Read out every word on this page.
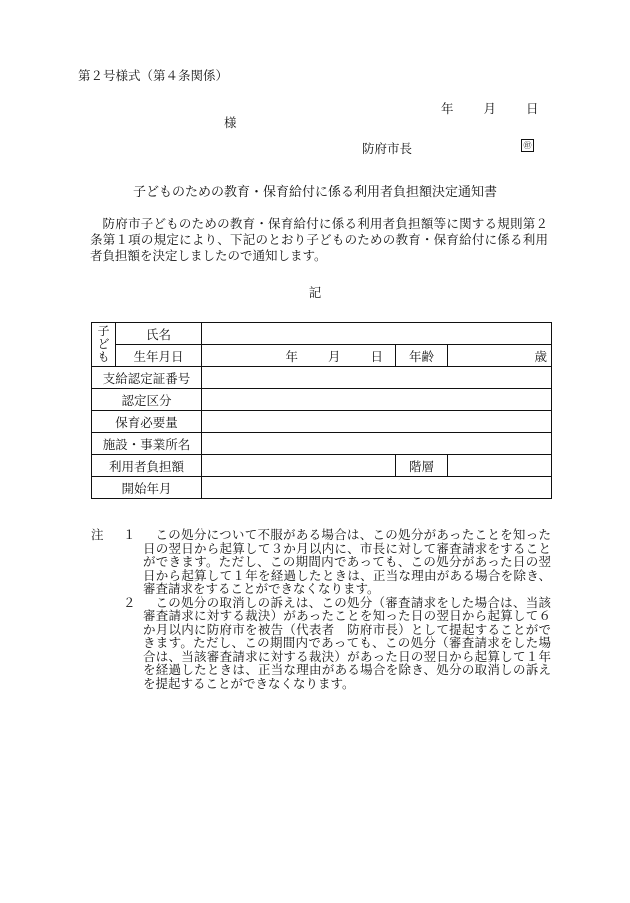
第２号様式（第４条関係）
年 月 日
様
防府市長	㊞
子どものための教育・保育給付に係る利用者負担額決定通知書
防府市子どものための教育・保育給付に係る利用者負担額等に関する規則第２条第１項の規定により、下記のとおり子どものための教育・保育給付に係る利用者負担額を決定しましたので通知します。
記
子ども	氏名			
	生年月日	年 月 日	年齢	歳
支給認定証番号				
認定区分				
保育必要量				
施設・事業所名				
利用者負担額			階層	
開始年月				
注	１	この処分について不服がある場合は、この処分があったことを知った日の翌日から起算して３か月以内に、市長に対して審査請求をすることができます。ただし、この期間内であっても、この処分があった日の翌日から起算して１年を経過したときは、正当な理由がある場合を除き、審査請求をすることができなくなります。
２	この処分の取消しの訴えは、この処分（審査請求をした場合は、当該審査請求に対する裁決）があったことを知った日の翌日から起算して６か月以内に防府市を被告（代表者　防府市長）として提起することができます。ただし、この期間内であっても、この処分（審査請求をした場合は、当該審査請求に対する裁決）があった日の翌日から起算して１年を経過したときは、正当な理由がある場合を除き、処分の取消しの訴えを提起することができなくなります。
